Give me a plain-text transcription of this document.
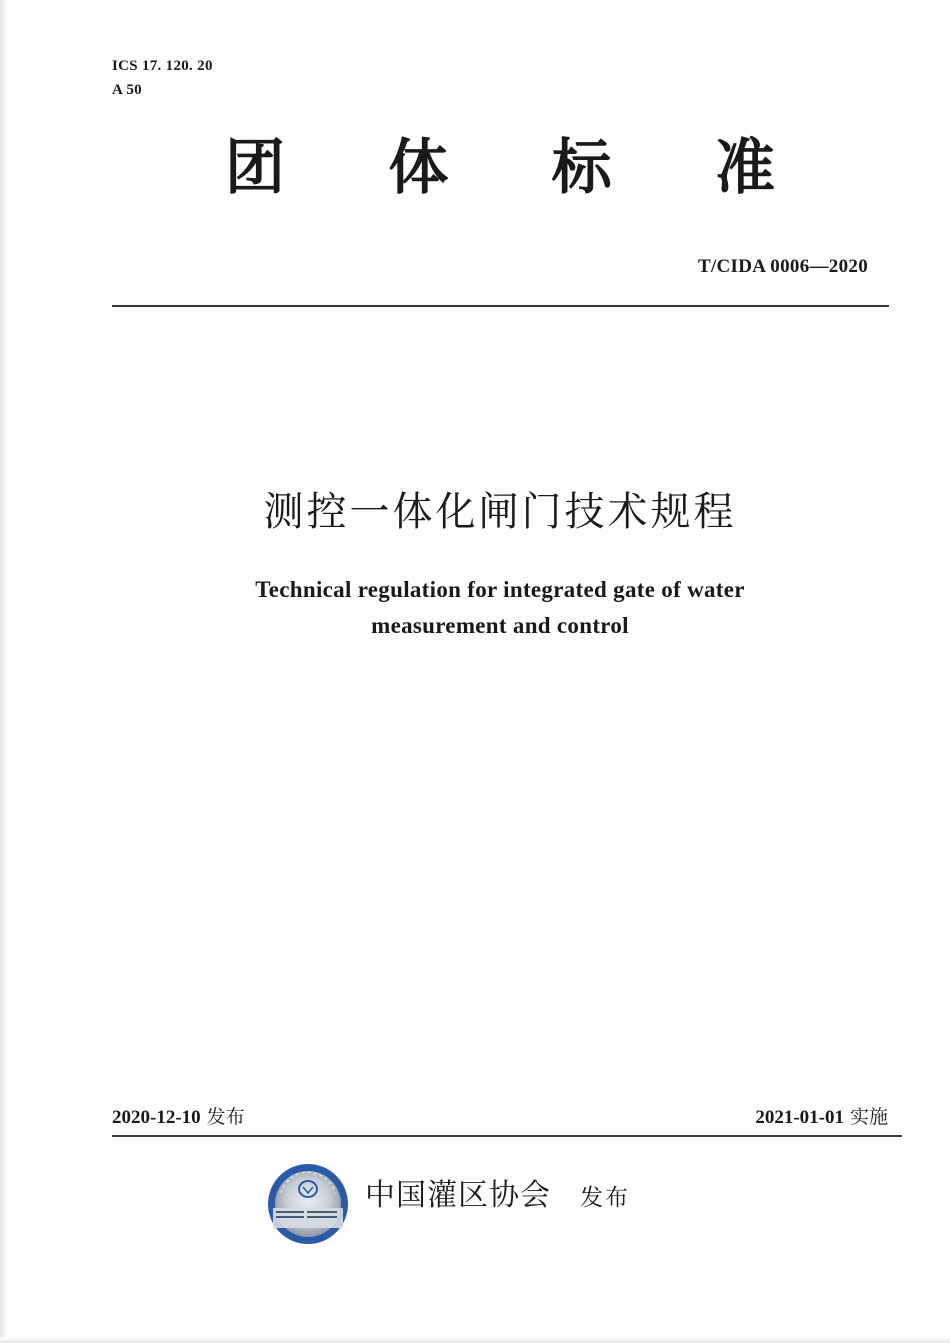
ICS 17. 120. 20
A 50
团	体	标	准
T/CIDA 0006—2020
测控一体化闸门技术规程
Technical regulation for integrated gate of water
measurement and control
2020-12-10 发布	2021-01-01 实施
中国灌区协会 发布
